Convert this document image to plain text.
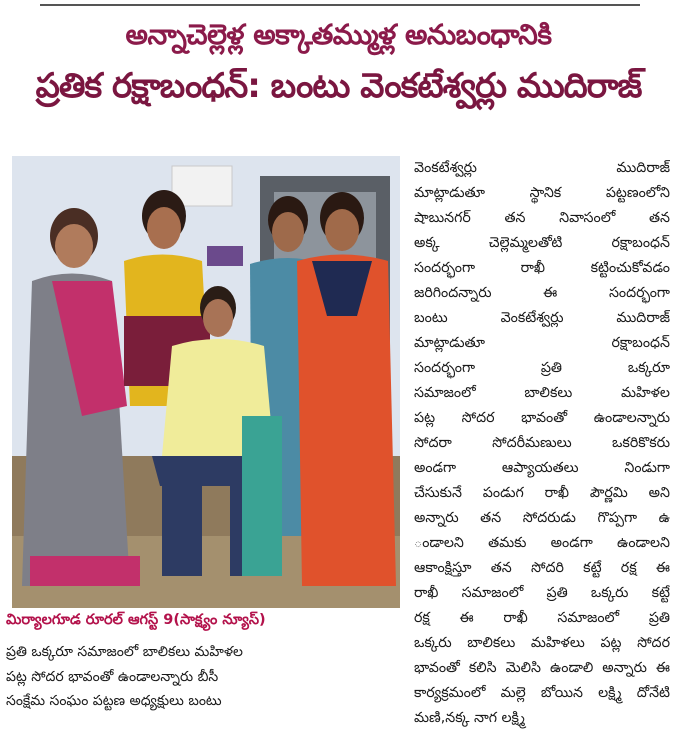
అన్నాచెల్లెళ్ల అక్కాతమ్ముళ్ల అనుబంధానికి
ప్రతిక రక్షాబంధన్: బంటు వెంకటేశ్వర్లు ముదిరాజ్
మిర్యాలగూడ రూరల్ ఆగస్ట్ 9(సాక్ష్యం న్యూస్)
ప్రతి ఒక్కరూ సమాజంలో బాలికలు మహిళల
పట్ల సోదర భావంతో ఉండాలన్నారు బీసీ
సంక్షేమ సంఘం పట్టణ అధ్యక్షులు బంటు
వెంకటేశ్వర్లు ముదిరాజ్
మాట్లాడుతూ స్థానిక పట్టణంలోని
షాబునగర్ తన నివాసంలో తన
అక్క చెల్లెమ్మలతోటి రక్షాబంధన్
సందర్భంగా రాఖీ కట్టించుకోవడం
జరిగిందన్నారు ఈ సందర్భంగా
బంటు వెంకటేశ్వర్లు ముదిరాజ్
మాట్లాడుతూ రక్షాబంధన్
సందర్భంగా ప్రతి ఒక్కరూ
సమాజంలో బాలికలు మహిళల
పట్ల సోదర భావంతో ఉండాలన్నారు
సోదరా సోదరీమణులు ఒకరికొకరు
అండగా ఆప్యాయతలు నిండుగా
చేసుకునే పండుగ రాఖీ పౌర్ణమి అని
అన్నారు తన సోదరుడు గొప్పగా ఉ
ండాలని తమకు అండగా ఉండాలని
ఆకాంక్షిస్తూ తన సోదరి కట్టే రక్ష ఈ
రాఖీ సమాజంలో ప్రతి ఒక్కరు కట్టే
రక్ష ఈ రాఖీ సమాజంలో ప్రతి
ఒక్కరు బాలికలు మహిళలు పట్ల సోదర
భావంతో కలిసి మెలిసి ఉండాలి అన్నారు ఈ
కార్యక్రమంలో మల్లె బోయిన లక్ష్మి దోనేటి
మణి,నక్క నాగ లక్ష్మి
